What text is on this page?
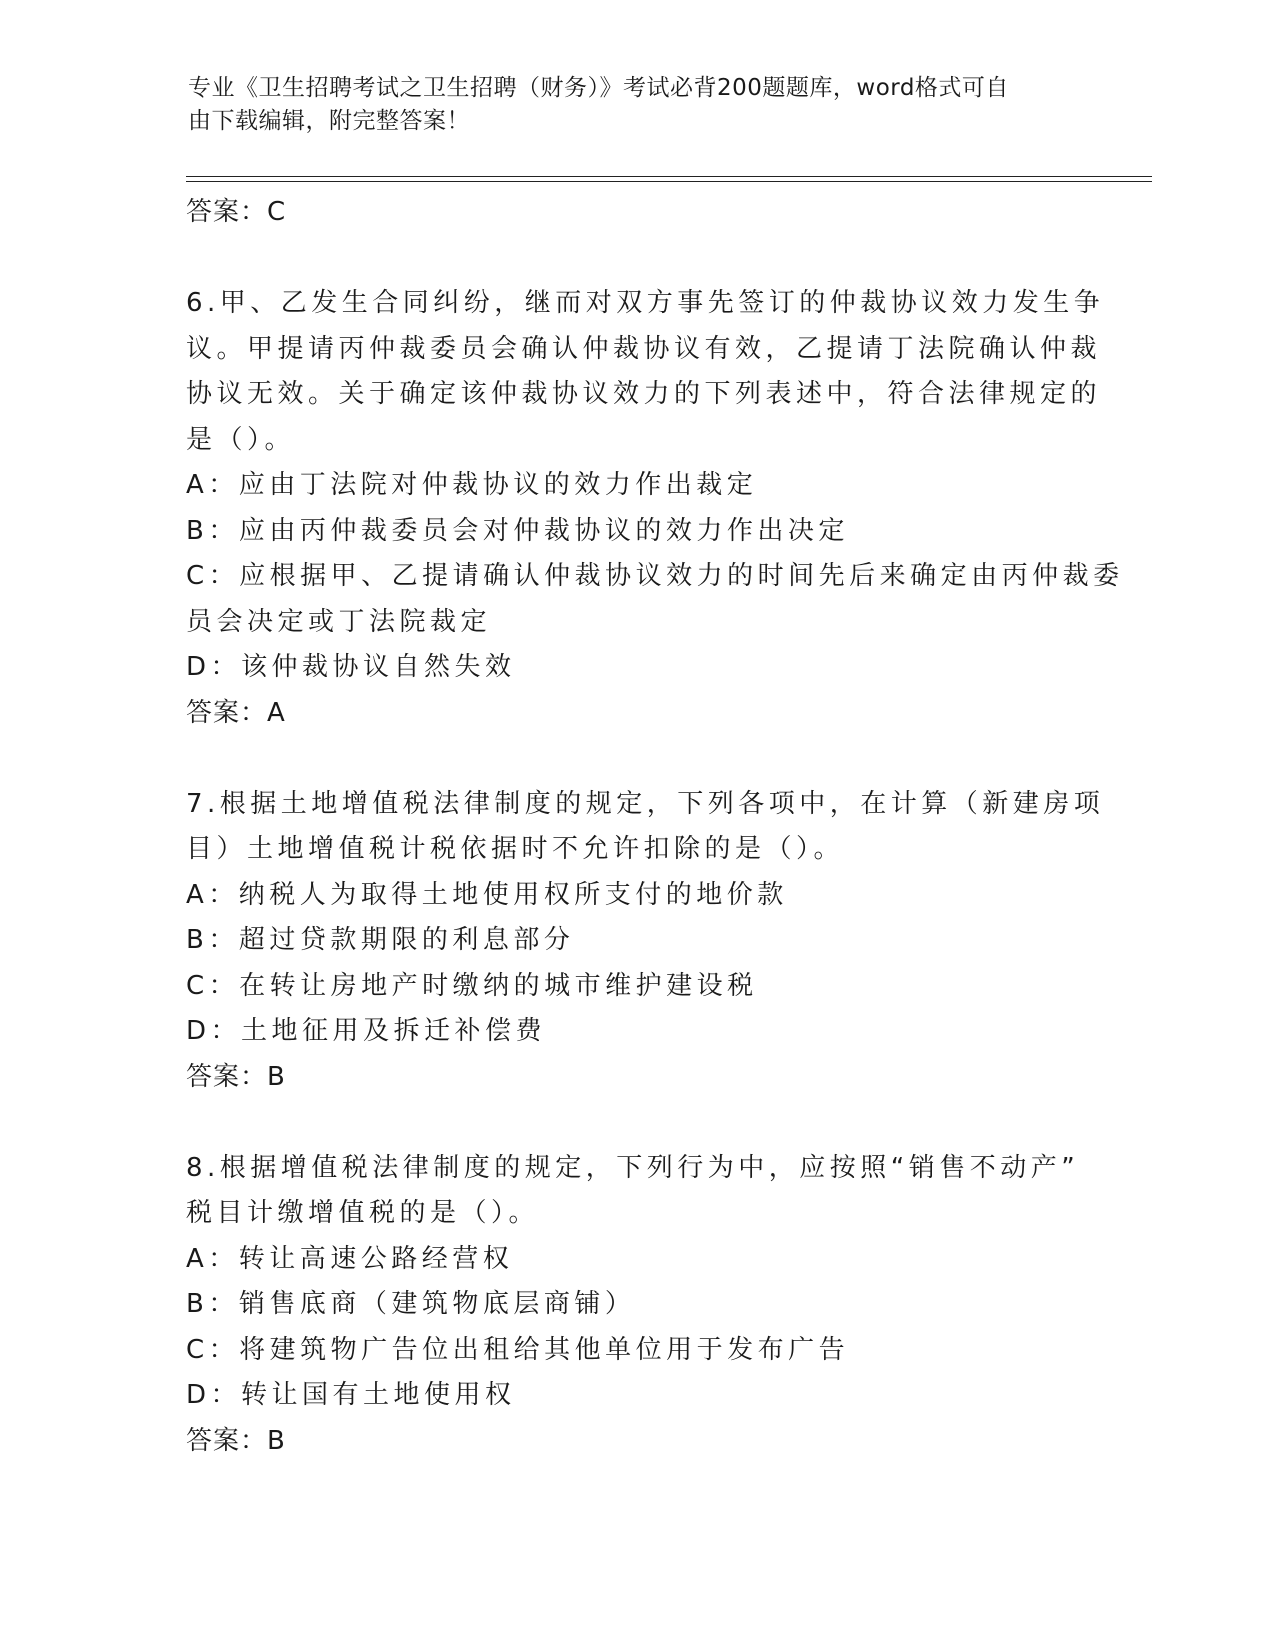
专业《卫生招聘考试之卫生招聘（财务）》考试必背200题题库，word格式可自
由下载编辑，附完整答案！
答案：C
6.甲、乙发生合同纠纷，继而对双方事先签订的仲裁协议效力发生争
议。甲提请丙仲裁委员会确认仲裁协议有效，乙提请丁法院确认仲裁
协议无效。关于确定该仲裁协议效力的下列表述中，符合法律规定的
是（）。
A：应由丁法院对仲裁协议的效力作出裁定
B：应由丙仲裁委员会对仲裁协议的效力作出决定
C：应根据甲、乙提请确认仲裁协议效力的时间先后来确定由丙仲裁委
员会决定或丁法院裁定
D：该仲裁协议自然失效
答案：A
7.根据土地增值税法律制度的规定，下列各项中，在计算（新建房项
目）土地增值税计税依据时不允许扣除的是（）。
A：纳税人为取得土地使用权所支付的地价款
B：超过贷款期限的利息部分
C：在转让房地产时缴纳的城市维护建设税
D：土地征用及拆迁补偿费
答案：B
8.根据增值税法律制度的规定，下列行为中，应按照“销售不动产”
税目计缴增值税的是（）。
A：转让高速公路经营权
B：销售底商（建筑物底层商铺）
C：将建筑物广告位出租给其他单位用于发布广告
D：转让国有土地使用权
答案：B
